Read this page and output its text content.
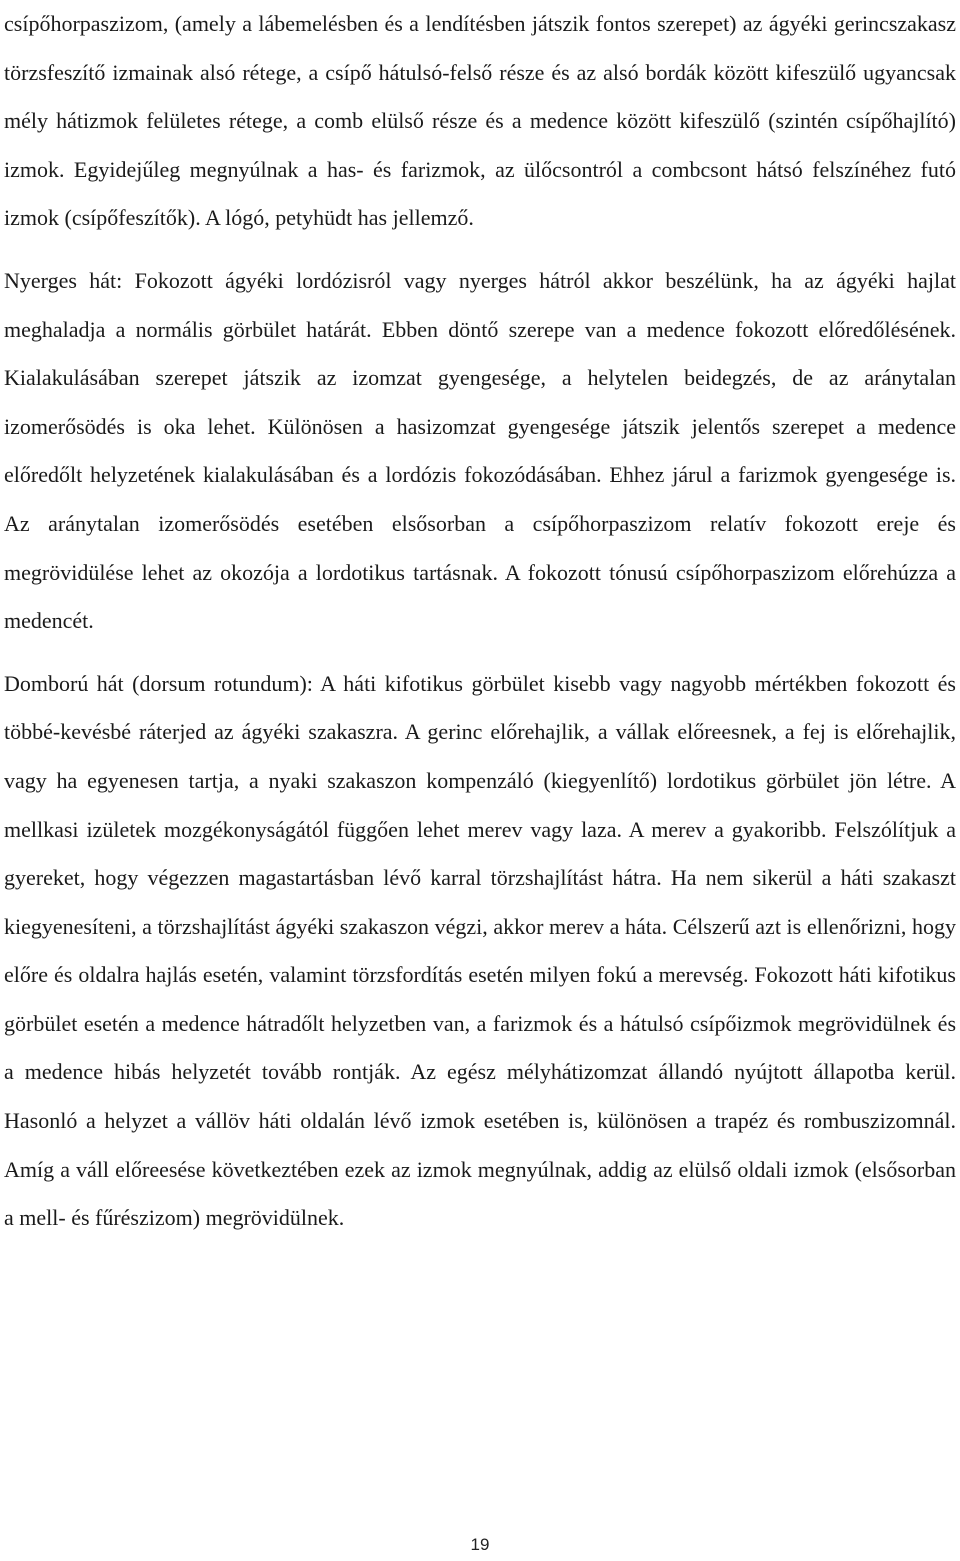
csípőhorpaszizom, (amely a lábemelésben és a lendítésben játszik fontos szerepet) az ágyéki gerincszakasz törzsfeszítő izmainak alsó rétege, a csípő hátulsó-felső része és az alsó bordák között kifeszülő ugyancsak mély hátizmok felületes rétege, a comb elülső része és a medence között kifeszülő (szintén csípőhajlító) izmok. Egyidejűleg megnyúlnak a has- és farizmok, az ülőcsontról a combcsont hátsó felszínéhez futó izmok (csípőfeszítők). A lógó, petyhüdt has jellemző.

Nyerges hát: Fokozott ágyéki lordózisról vagy nyerges hátról akkor beszélünk, ha az ágyéki hajlat meghaladja a normális görbület határát. Ebben döntő szerepe van a medence fokozott előredőlésének. Kialakulásában szerepet játszik az izomzat gyengesége, a helytelen beidegzés, de az aránytalan izomerősödés is oka lehet. Különösen a hasizomzat gyengesége játszik jelentős szerepet a medence előredőlt helyzetének kialakulásában és a lordózis fokozódásában. Ehhez járul a farizmok gyengesége is. Az aránytalan izomerősödés esetében elsősorban a csípőhorpaszizom relatív fokozott ereje és megrövidülése lehet az okozója a lordotikus tartásnak. A fokozott tónusú csípőhorpaszizom előrehúzza a medencét.

Domború hát (dorsum rotundum): A háti kifotikus görbület kisebb vagy nagyobb mértékben fokozott és többé-kevésbé ráterjed az ágyéki szakaszra. A gerinc előrehajlik, a vállak előreesnek, a fej is előrehajlik, vagy ha egyenesen tartja, a nyaki szakaszon kompenzáló (kiegyenlítő) lordotikus görbület jön létre. A mellkasi izületek mozgékonyságától függően lehet merev vagy laza. A merev a gyakoribb. Felszólítjuk a gyereket, hogy végezzen magastartásban lévő karral törzshajlítást hátra. Ha nem sikerül a háti szakaszt kiegyenesíteni, a törzshajlítást ágyéki szakaszon végzi, akkor merev a háta. Célszerű azt is ellenőrizni, hogy előre és oldalra hajlás esetén, valamint törzsfordítás esetén milyen fokú a merevség. Fokozott háti kifotikus görbület esetén a medence hátradőlt helyzetben van, a farizmok és a hátulsó csípőizmok megrövidülnek és a medence hibás helyzetét tovább rontják. Az egész mélyhátizomzat állandó nyújtott állapotba kerül. Hasonló a helyzet a vállöv háti oldalán lévő izmok esetében is, különösen a trapéz és rombuszizomnál. Amíg a váll előreesése következtében ezek az izmok megnyúlnak, addig az elülső oldali izmok (elsősorban a mell- és fűrészizom) megrövidülnek.

19
